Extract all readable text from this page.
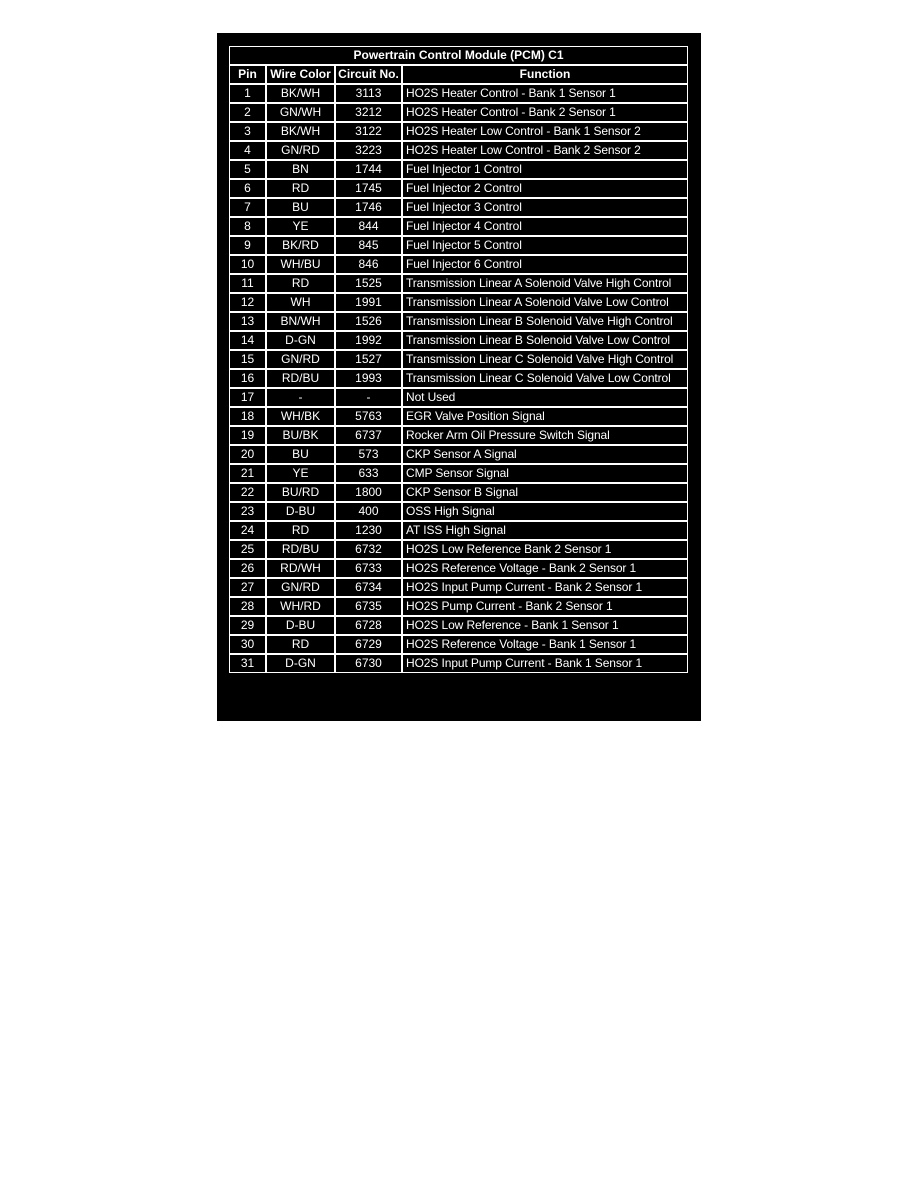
Powertrain Control Module (PCM) C1			
Pin	Wire Color	Circuit No.	Function
1	BK/WH	3113	HO2S Heater Control - Bank 1 Sensor 1
2	GN/WH	3212	HO2S Heater Control - Bank 2 Sensor 1
3	BK/WH	3122	HO2S Heater Low Control - Bank 1 Sensor 2
4	GN/RD	3223	HO2S Heater Low Control - Bank 2 Sensor 2
5	BN	1744	Fuel Injector 1 Control
6	RD	1745	Fuel Injector 2 Control
7	BU	1746	Fuel Injector 3 Control
8	YE	844	Fuel Injector 4 Control
9	BK/RD	845	Fuel Injector 5 Control
10	WH/BU	846	Fuel Injector 6 Control
11	RD	1525	Transmission Linear A Solenoid Valve High Control
12	WH	1991	Transmission Linear A Solenoid Valve Low Control
13	BN/WH	1526	Transmission Linear B Solenoid Valve High Control
14	D-GN	1992	Transmission Linear B Solenoid Valve Low Control
15	GN/RD	1527	Transmission Linear C Solenoid Valve High Control
16	RD/BU	1993	Transmission Linear C Solenoid Valve Low Control
17	-	-	Not Used
18	WH/BK	5763	EGR Valve Position Signal
19	BU/BK	6737	Rocker Arm Oil Pressure Switch Signal
20	BU	573	CKP Sensor A Signal
21	YE	633	CMP Sensor Signal
22	BU/RD	1800	CKP Sensor B Signal
23	D-BU	400	OSS High Signal
24	RD	1230	AT ISS High Signal
25	RD/BU	6732	HO2S Low Reference Bank 2 Sensor 1
26	RD/WH	6733	HO2S Reference Voltage - Bank 2 Sensor 1
27	GN/RD	6734	HO2S Input Pump Current - Bank 2 Sensor 1
28	WH/RD	6735	HO2S Pump Current - Bank 2 Sensor 1
29	D-BU	6728	HO2S Low Reference - Bank 1 Sensor 1
30	RD	6729	HO2S Reference Voltage - Bank 1 Sensor 1
31	D-GN	6730	HO2S Input Pump Current - Bank 1 Sensor 1
